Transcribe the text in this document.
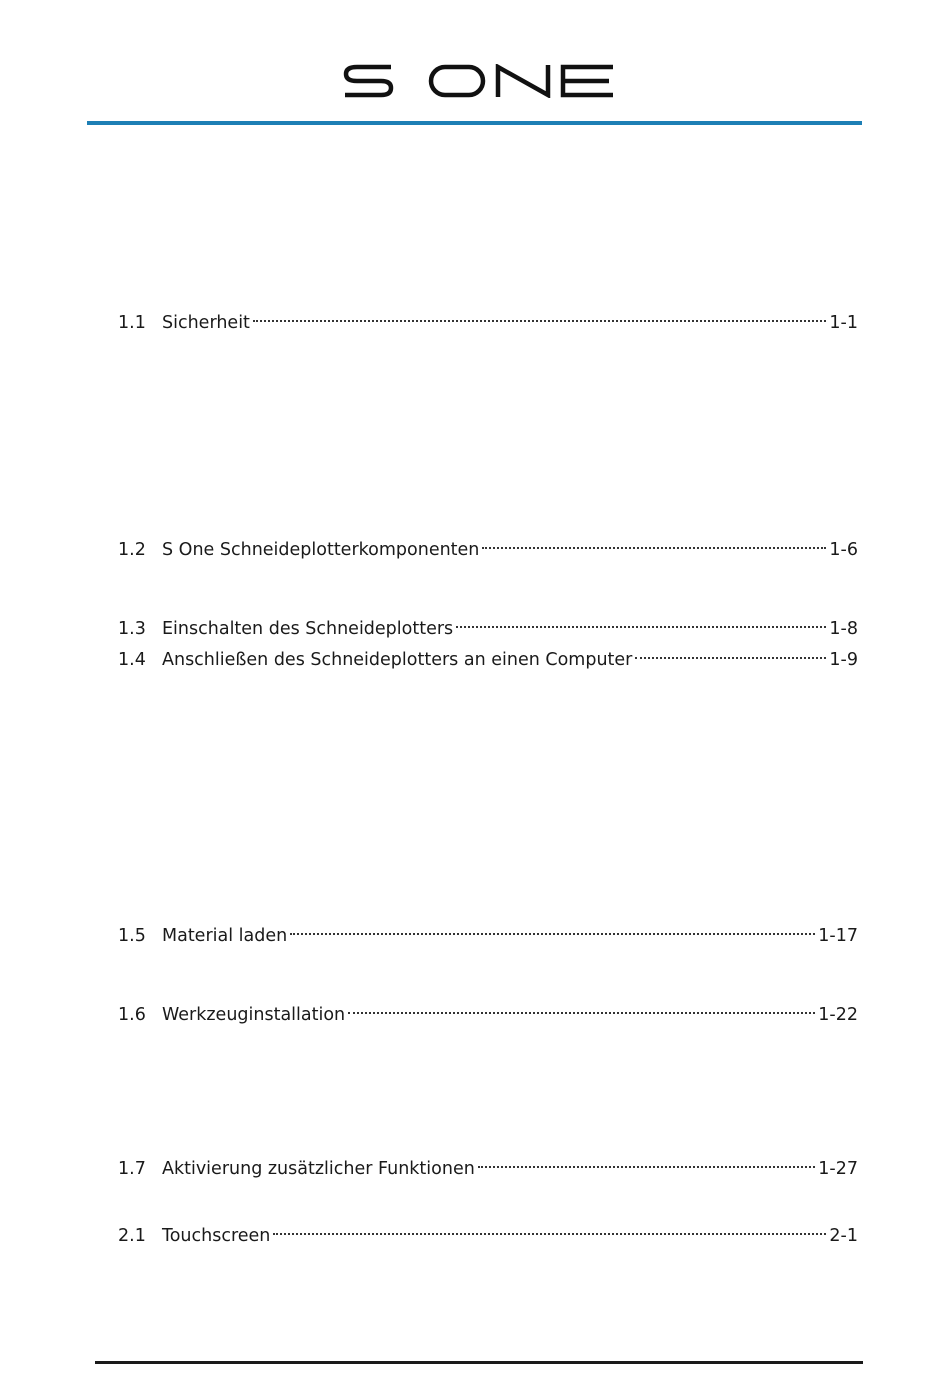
1.1 Sicherheit	1-1
1.2 S One Schneideplotterkomponenten	1-6
1.3 Einschalten des Schneideplotters	1-8
1.4 Anschließen des Schneideplotters an einen Computer	1-9
1.5 Material laden	1-17
1.6 Werkzeuginstallation	1-22
1.7 Aktivierung zusätzlicher Funktionen	1-27
2.1 Touchscreen	2-1
